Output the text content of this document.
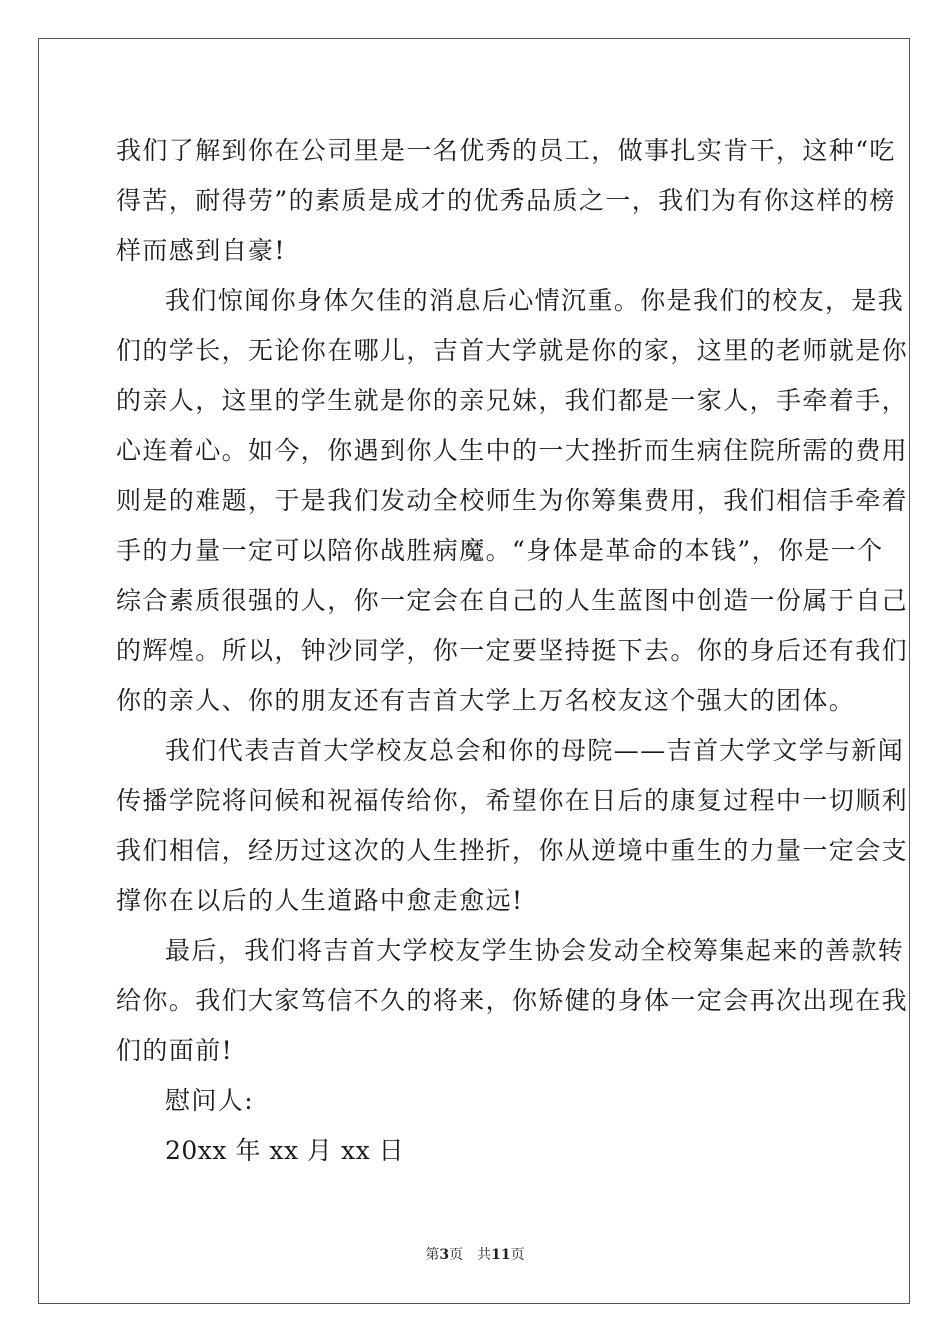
我们了解到你在公司里是一名优秀的员工，做事扎实肯干，这种“吃
得苦，耐得劳”的素质是成才的优秀品质之一，我们为有你这样的榜
样而感到自豪!
我们惊闻你身体欠佳的消息后心情沉重。你是我们的校友，是我
们的学长，无论你在哪儿，吉首大学就是你的家，这里的老师就是你
的亲人，这里的学生就是你的亲兄妹，我们都是一家人，手牵着手，
心连着心。如今，你遇到你人生中的一大挫折而生病住院所需的费用
则是的难题，于是我们发动全校师生为你筹集费用，我们相信手牵着
手的力量一定可以陪你战胜病魔。“身体是革命的本钱”，你是一个
综合素质很强的人，你一定会在自己的人生蓝图中创造一份属于自己
的辉煌。所以，钟沙同学，你一定要坚持挺下去。你的身后还有我们
你的亲人、你的朋友还有吉首大学上万名校友这个强大的团体。
我们代表吉首大学校友总会和你的母院——吉首大学文学与新闻
传播学院将问候和祝福传给你，希望你在日后的康复过程中一切顺利
我们相信，经历过这次的人生挫折，你从逆境中重生的力量一定会支
撑你在以后的人生道路中愈走愈远!
最后，我们将吉首大学校友学生协会发动全校筹集起来的善款转
给你。我们大家笃信不久的将来，你矫健的身体一定会再次出现在我
们的面前!
慰问人:
20xx 年 xx 月 xx 日
第3页 共11页
